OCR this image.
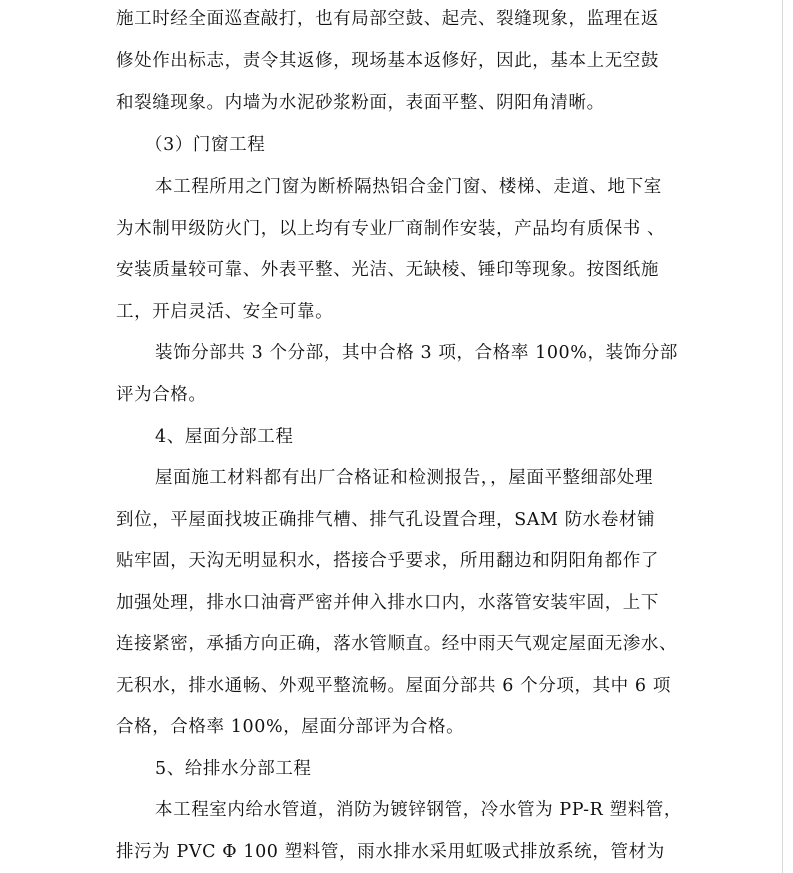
施工时经全面巡查敲打，也有局部空鼓、起壳、裂缝现象，监理在返
修处作出标志，责令其返修，现场基本返修好，因此，基本上无空鼓
和裂缝现象。内墙为水泥砂浆粉面，表面平整、阴阳角清晰。
（3）门窗工程
本工程所用之门窗为断桥隔热铝合金门窗、楼梯、走道、地下室
为木制甲级防火门，以上均有专业厂商制作安装，产品均有质保书 、
安装质量较可靠、外表平整、光洁、无缺棱、锤印等现象。按图纸施
工，开启灵活、安全可靠。
装饰分部共 3 个分部，其中合格 3 项，合格率 100%，装饰分部
评为合格。
4、屋面分部工程
屋面施工材料都有出厂合格证和检测报告，，屋面平整细部处理
到位，平屋面找坡正确排气槽、排气孔设置合理，SAM 防水卷材铺
贴牢固，天沟无明显积水，搭接合乎要求，所用翻边和阴阳角都作了
加强处理，排水口油膏严密并伸入排水口内，水落管安装牢固，上下
连接紧密，承插方向正确，落水管顺直。经中雨天气观定屋面无渗水、
无积水，排水通畅、外观平整流畅。屋面分部共 6 个分项，其中 6 项
合格，合格率 100%，屋面分部评为合格。
5、给排水分部工程
本工程室内给水管道，消防为镀锌钢管，冷水管为 PP-R 塑料管，
排污为 PVC Φ 100 塑料管，雨水排水采用虹吸式排放系统，管材为
